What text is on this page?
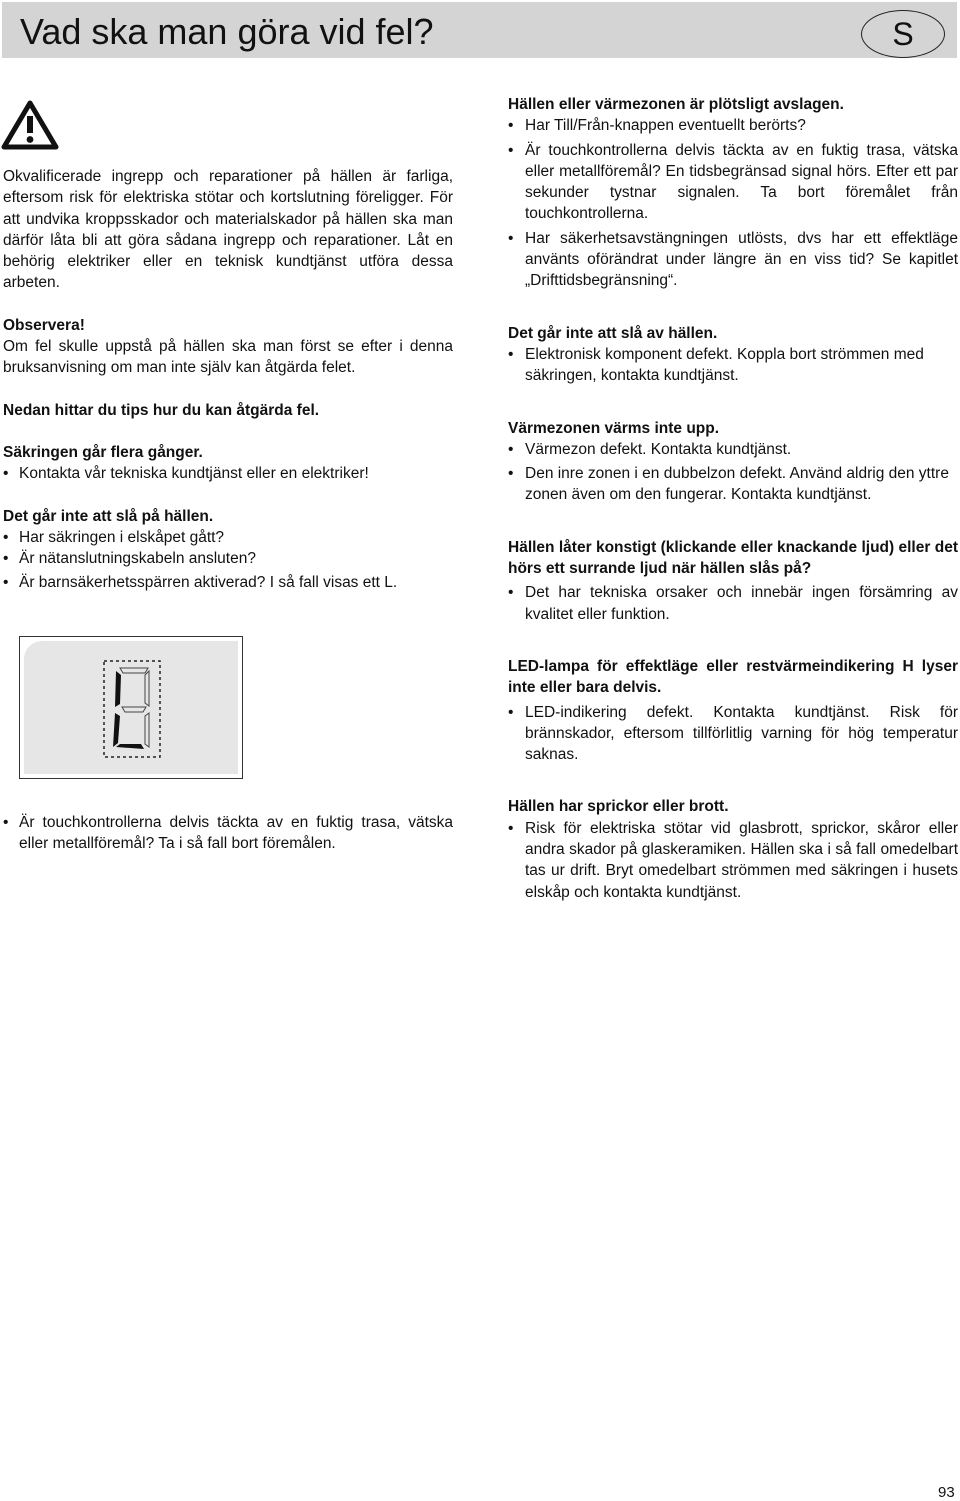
Vad ska man göra vid fel?	S

Okvalificerade ingrepp och reparationer på hällen är farliga, eftersom risk för elektriska stötar och kortslutning föreligger. För att undvika kroppsskador och materialskador på hällen ska man därför låta bli att göra sådana ingrepp och reparationer. Låt en behörig elektriker eller en teknisk kundtjänst utföra dessa arbeten.

Observera!

Om fel skulle uppstå på hällen ska man först se efter i denna bruksanvisning om man inte själv kan åtgärda felet.

Nedan hittar du tips hur du kan åtgärda fel.

Säkringen går flera gånger.

• Kontakta vår tekniska kundtjänst eller en elektriker!

Det går inte att slå på hällen.

• Har säkringen i elskåpet gått?

• Är nätanslutningskabeln ansluten?

• Är barnsäkerhetsspärren aktiverad? I så fall visas ett L.

• Är touchkontrollerna delvis täckta av en fuktig trasa, vätska eller metallföremål? Ta i så fall bort föremålen.

Hällen eller värmezonen är plötsligt avslagen.

• Har Till/Från-knappen eventuellt berörts?

• Är touchkontrollerna delvis täckta av en fuktig trasa, vätska eller metallföremål? En tidsbegränsad signal hörs. Efter ett par sekunder tystnar signalen. Ta bort föremålet från touchkontrollerna.

• Har säkerhetsavstängningen utlösts, dvs har ett effektläge använts oförändrat under längre än en viss tid? Se kapitlet „Drifttidsbegränsning“.

Det går inte att slå av hällen.

• Elektronisk komponent defekt. Koppla bort strömmen med säkringen, kontakta kundtjänst.

Värmezonen värms inte upp.

• Värmezon defekt. Kontakta kundtjänst.

• Den inre zonen i en dubbelzon defekt. Använd aldrig den yttre zonen även om den fungerar. Kontakta kundtjänst.

Hällen låter konstigt (klickande eller knackande ljud) eller det hörs ett surrande ljud när hällen slås på?

• Det har tekniska orsaker och innebär ingen försämring av kvalitet eller funktion.

LED-lampa för effektläge eller restvärmeindikering H lyser inte eller bara delvis.

• LED-indikering defekt. Kontakta kundtjänst. Risk för brännskador, eftersom tillförlitlig varning för hög temperatur saknas.

Hällen har sprickor eller brott.

• Risk för elektriska stötar vid glasbrott, sprickor, skåror eller andra skador på glaskeramiken. Hällen ska i så fall omedelbart tas ur drift. Bryt omedelbart strömmen med säkringen i husets elskåp och kontakta kundtjänst.

93
